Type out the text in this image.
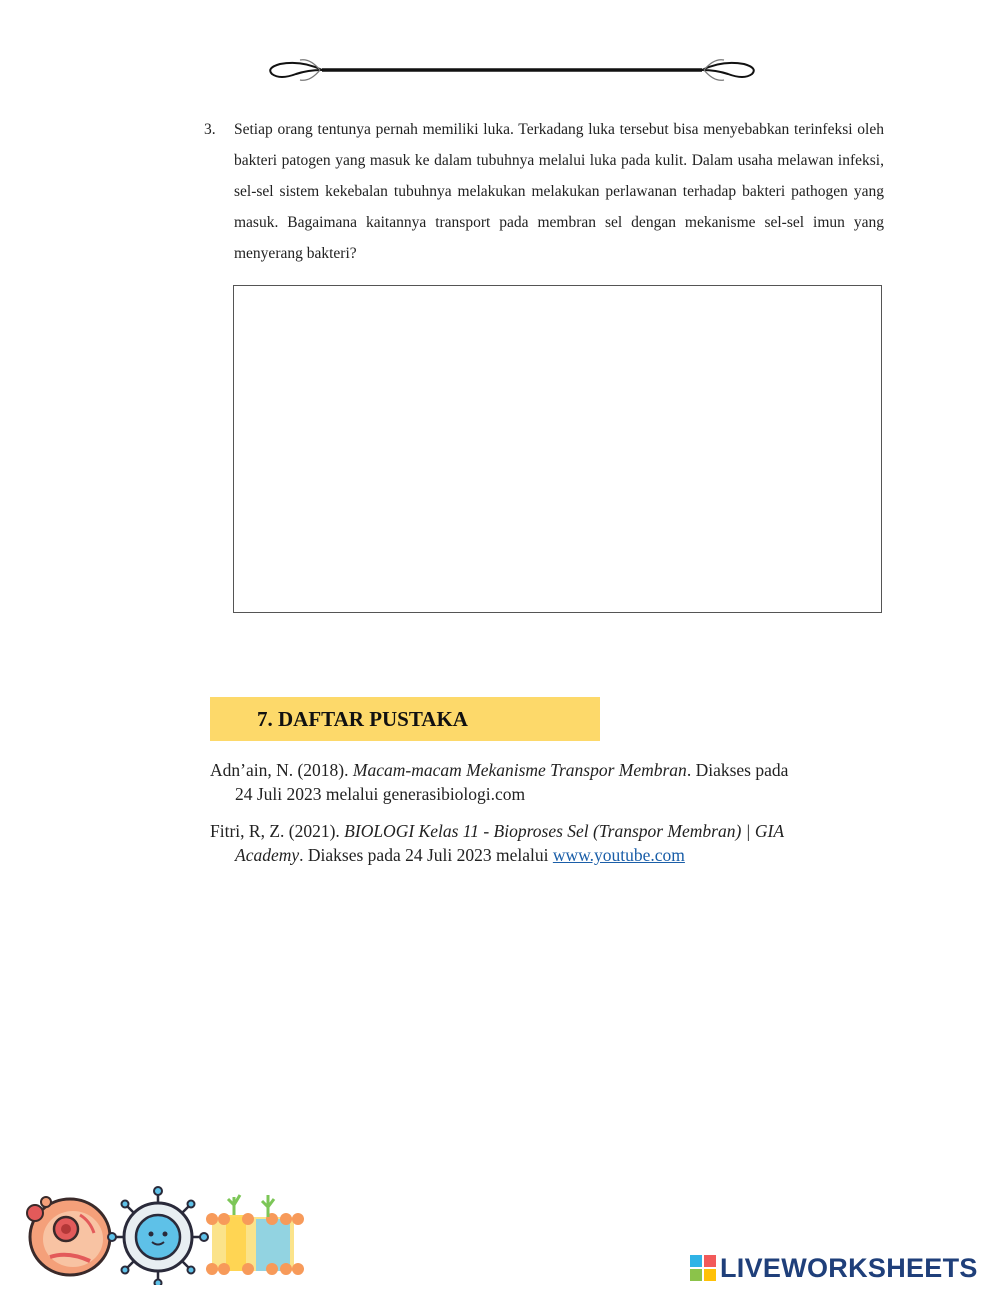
3. Setiap orang tentunya pernah memiliki luka. Terkadang luka tersebut bisa menyebabkan terinfeksi oleh bakteri patogen yang masuk ke dalam tubuhnya melalui luka pada kulit. Dalam usaha melawan infeksi, sel-sel sistem kekebalan tubuhnya melakukan melakukan perlawanan terhadap bakteri pathogen yang masuk. Bagaimana kaitannya transport pada membran sel dengan mekanisme sel-sel imun yang menyerang bakteri?
7. DAFTAR PUSTAKA
Adn’ain, N. (2018). Macam-macam Mekanisme Transpor Membran. Diakses pada
24 Juli 2023 melalui generasibiologi.com
Fitri, R, Z. (2021). BIOLOGI Kelas 11 - Bioproses Sel (Transpor Membran) | GIA
Academy. Diakses pada 24 Juli 2023 melalui www.youtube.com
LIVEWORKSHEETS
